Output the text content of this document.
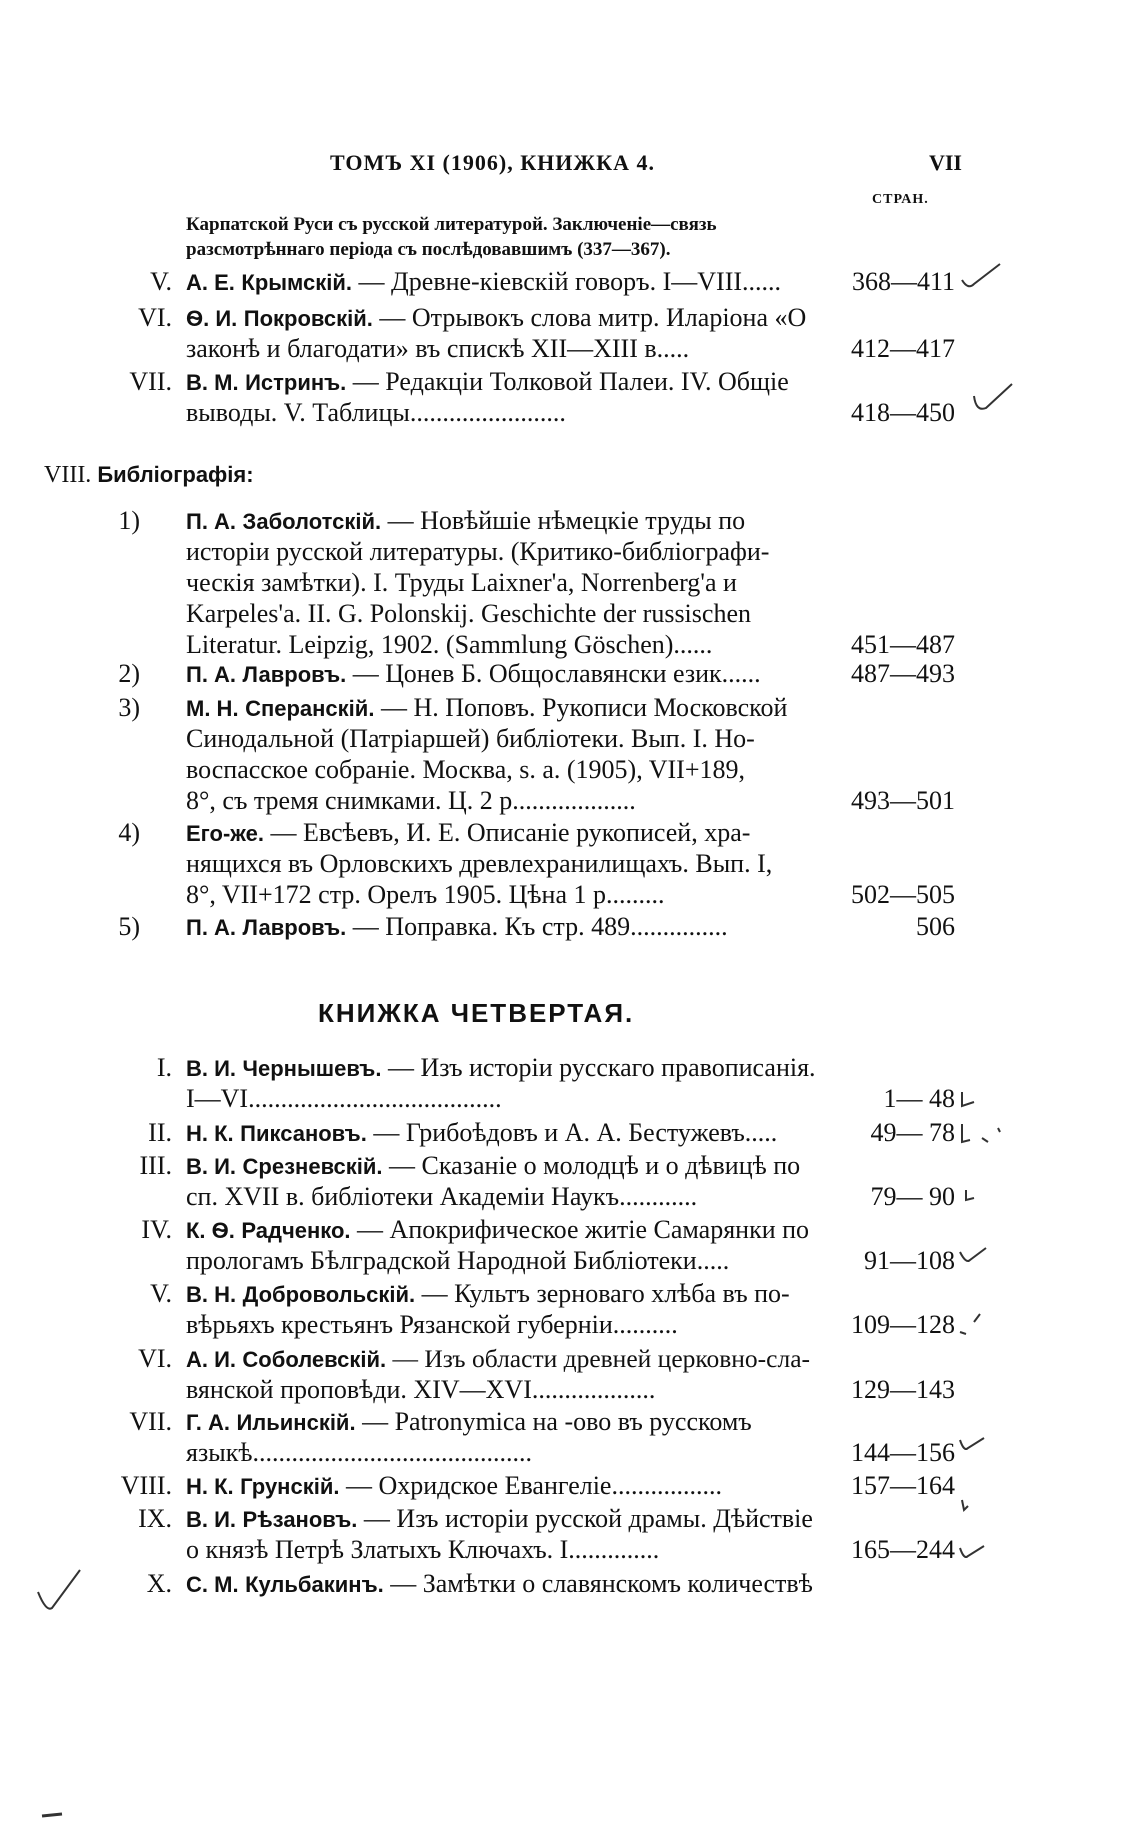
ТОМЪ XI (1906), КНИЖКА 4.	VII
СТРАН.
Карпатской Руси съ русской литературой. Заключеніе—связь
разсмотрѣннаго періода съ послѣдовавшимъ (337—367).
V. А. Е. Крымскій. — Древне-кіевскій говоръ. I—VIII......	368—411
VI. Ѳ. И. Покровскій. — Отрывокъ слова митр. Иларіона «О
законѣ и благодати» въ спискѣ XII—XIII в.....	412—417
VII. В. М. Истринъ. — Редакціи Толковой Палеи. IV. Общіе
выводы. V. Таблицы........................	418—450
VIII. Библіографія:
1) П. А. Заболотскій. — Новѣйшіе нѣмецкіе труды по
исторіи русской литературы. (Критико-библіографи-
ческія замѣтки). I. Труды Laixner'a, Norrenberg'a и
Karpeles'a. II. G. Polonskij. Geschichte der russischen
Literatur. Leipzig, 1902. (Sammlung Göschen)......	451—487
2) П. А. Лавровъ. — Цонев Б. Общославянски език......	487—493
3) М. Н. Сперанскій. — Н. Поповъ. Рукописи Московской
Синодальной (Патріаршей) библіотеки. Вып. I. Но-
воспасское собраніе. Москва, s. a. (1905), VII+189,
8°, съ тремя снимками. Ц. 2 р...................	493—501
4) Его-же. — Евсѣевъ, И. Е. Описаніе рукописей, хра-
нящихся въ Орловскихъ древлехранилищахъ. Вып. I,
8°, VII+172 стр. Орелъ 1905. Цѣна 1 р.........	502—505
5) П. А. Лавровъ. — Поправка. Къ стр. 489...............	506
КНИЖКА ЧЕТВЕРТАЯ.
I. В. И. Чернышевъ. — Изъ исторіи русскаго правописанія.
I—VI.......................................	1— 48
II. Н. К. Пиксановъ. — Грибоѣдовъ и А. А. Бестужевъ.....	49— 78
III. В. И. Срезневскій. — Сказаніе о молодцѣ и о дѣвицѣ по
сп. XVII в. библіотеки Академіи Наукъ............	79— 90
IV. К. Ѳ. Радченко. — Апокрифическое житіе Самарянки по
прологамъ Бѣлградской Народной Библіотеки.....	91—108
V. В. Н. Добровольскій. — Культъ зерноваго хлѣба въ по-
вѣрьяхъ крестьянъ Рязанской губерніи..........	109—128
VI. А. И. Соболевскій. — Изъ области древней церковно-сла-
вянской проповѣди. XIV—XVI...................	129—143
VII. Г. А. Ильинскій. — Patronymica на -ово въ русскомъ
языкѣ...........................................	144—156
VIII. Н. К. Грунскій. — Охридское Евангеліе.................	157—164
IX. В. И. Рѣзановъ. — Изъ исторіи русской драмы. Дѣйствіе
о князѣ Петрѣ Златыхъ Ключахъ. I..............	165—244
X. С. М. Кульбакинъ. — Замѣтки о славянскомъ количествѣ
